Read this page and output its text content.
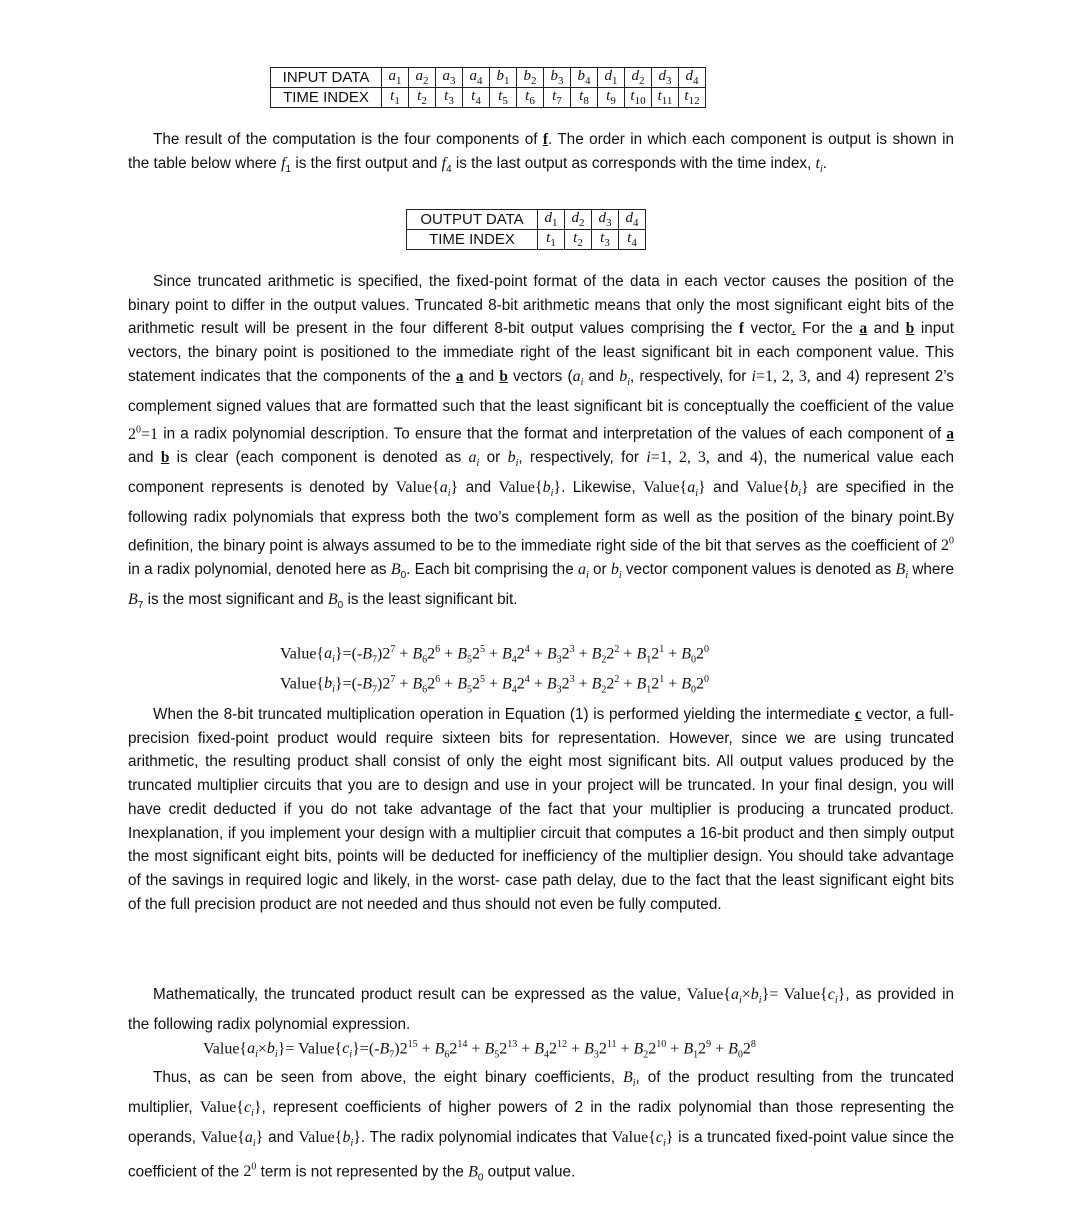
INPUT DATA	$a_1$	$a_2$	$a_3$	$a_4$	$b_1$	$b_2$	$b_3$	$b_4$	$d_1$	$d_2$	$d_3$	$d_4$
TIME INDEX	$t_1$	$t_2$	$t_3$	$t_4$	$t_5$	$t_6$	$t_7$	$t_8$	$t_9$	$t_{10}$	$t_{11}$	$t_{12}$

The result of the computation is the four components of f. The order in which each component is output is shown in the table below where $f_1$ is the first output and $f_4$ is the last output as corresponds with the time index, $t_i$.

OUTPUT DATA	$d_1$	$d_2$	$d_3$	$d_4$
TIME INDEX	$t_1$	$t_2$	$t_3$	$t_4$

Since truncated arithmetic is specified, the fixed-point format of the data in each vector causes the position of the binary point to differ in the output values. Truncated 8-bit arithmetic means that only the most significant eight bits of the arithmetic result will be present in the four different 8-bit output values comprising the f vector. For the a and b input vectors, the binary point is positioned to the immediate right of the least significant bit in each component value. This statement indicates that the components of the a and b vectors ($a_i$ and $b_i$, respectively, for i=1, 2, 3, and 4) represent 2’s complement signed values that are formatted such that the least significant bit is conceptually the coefficient of the value $2^0=1$ in a radix polynomial description. To ensure that the format and interpretation of the values of each component of a and b is clear (each component is denoted as $a_i$ or $b_i$, respectively, for i=1, 2, 3, and 4), the numerical value each component represents is denoted by $Value\{a_i\}$ and $Value\{b_i\}$. Likewise, $Value\{a_i\}$ and $Value\{b_i\}$ are specified in the following radix polynomials that express both the two’s complement form as well as the position of the binary point.By definition, the binary point is always assumed to be to the immediate right side of the bit that serves as the coefficient of $2^0$ in a radix polynomial, denoted here as $B_0$. Each bit comprising the $a_i$ or $b_i$ vector component values is denoted as $B_i$ where $B_7$ is the most significant and $B_0$ is the least significant bit.

$Value\{a_i\}=(-B_7)2^7 + B_62^6 + B_52^5 + B_42^4 + B_32^3 + B_22^2 + B_12^1 + B_02^0$
$Value\{b_i\}=(-B_7)2^7 + B_62^6 + B_52^5 + B_42^4 + B_32^3 + B_22^2 + B_12^1 + B_02^0$

When the 8-bit truncated multiplication operation in Equation (1) is performed yielding the intermediate c vector, a full-precision fixed-point product would require sixteen bits for representation. However, since we are using truncated arithmetic, the resulting product shall consist of only the eight most significant bits. All output values produced by the truncated multiplier circuits that you are to design and use in your project will be truncated. In your final design, you will have credit deducted if you do not take advantage of the fact that your multiplier is producing a truncated product. Inexplanation, if you implement your design with a multiplier circuit that computes a 16-bit product and then simply output the most significant eight bits, points will be deducted for inefficiency of the multiplier design. You should take advantage of the savings in required logic and likely, in the worst- case path delay, due to the fact that the least significant eight bits of the full precision product are not needed and thus should not even be fully computed.

Mathematically, the truncated product result can be expressed as the value, $Value\{a_i\times b_i\}=$ $Value\{c_i\}$, as provided in the following radix polynomial expression.

$Value\{a_i\times b_i\}=$ $Value\{c_i\}=(-B_7)2^{15} + B_62^{14} + B_52^{13} + B_42^{12} + B_32^{11} + B_22^{10} + B_12^9 + B_02^8$

Thus, as can be seen from above, the eight binary coefficients, $B_i$, of the product resulting from the truncated multiplier, $Value\{c_i\}$, represent coefficients of higher powers of 2 in the radix polynomial than those representing the operands, $Value\{a_i\}$ and $Value\{b_i\}$. The radix polynomial indicates that $Value\{c_i\}$ is a truncated fixed-point value since the coefficient of the $2^0$ term is not represented by the $B_0$ output value.
